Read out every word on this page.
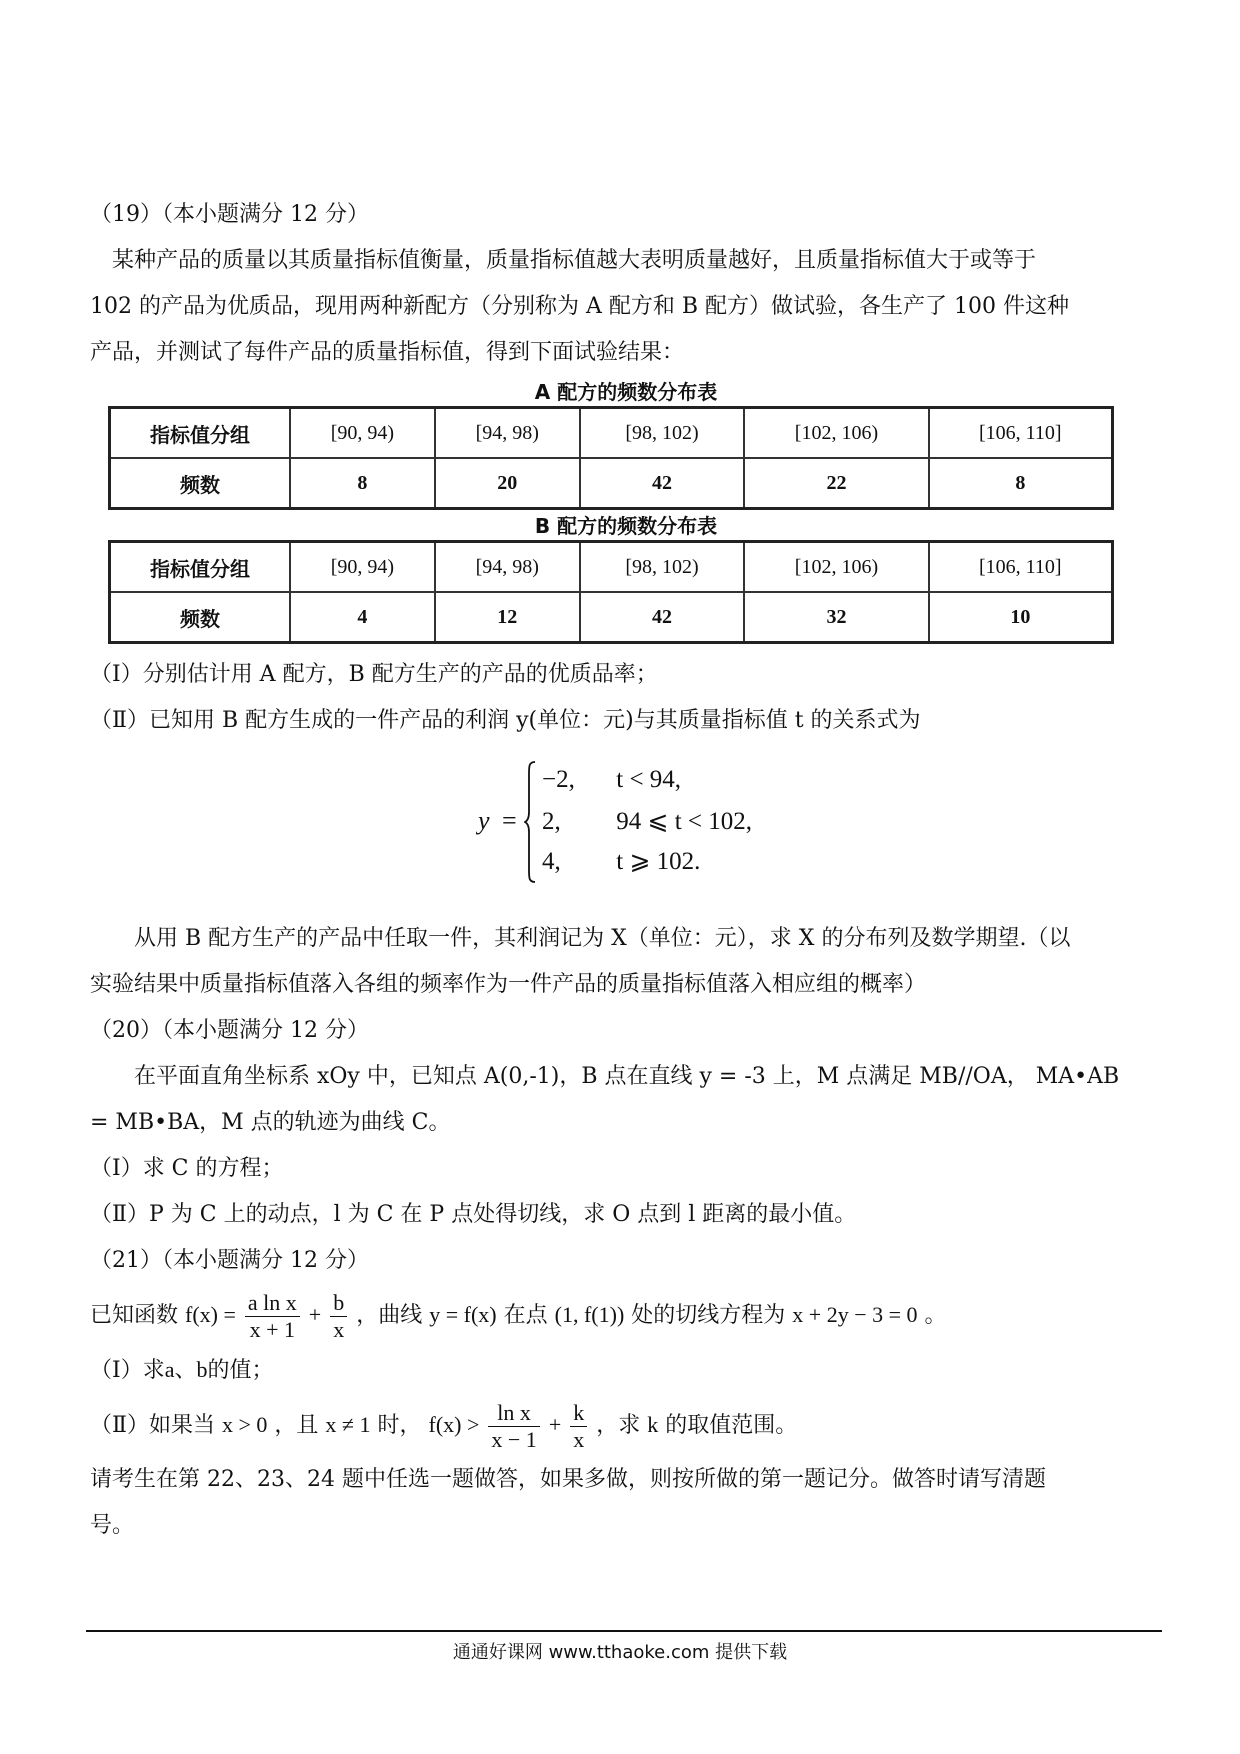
（19）（本小题满分 12 分）

某种产品的质量以其质量指标值衡量，质量指标值越大表明质量越好，且质量指标值大于或等于

102 的产品为优质品，现用两种新配方（分别称为 A 配方和 B 配方）做试验，各生产了 100 件这种

产品，并测试了每件产品的质量指标值，得到下面试验结果：

A 配方的频数分布表
指标值分组	[90, 94)	[94, 98)	[98, 102)	[102, 106)	[106, 110]
频数	8	20	42	22	8
B 配方的频数分布表
指标值分组	[90, 94)	[94, 98)	[98, 102)	[102, 106)	[106, 110]
频数	4	12	42	32	10

（Ⅰ）分别估计用 A 配方，B 配方生产的产品的优质品率；

（Ⅱ）已知用 B 配方生成的一件产品的利润 y(单位：元)与其质量指标值 t 的关系式为

y =
−2, t < 94,
2, 94 ⩽ t < 102,
4, t ⩾ 102.

从用 B 配方生产的产品中任取一件，其利润记为 X（单位：元），求 X 的分布列及数学期望.（以

实验结果中质量指标值落入各组的频率作为一件产品的质量指标值落入相应组的概率）

（20）（本小题满分 12 分）

在平面直角坐标系 xOy 中，已知点 A(0,-1)，B 点在直线 y = -3 上，M 点满足 MB//OA， MA•AB

= MB•BA，M 点的轨迹为曲线 C。

（Ⅰ）求 C 的方程；

（Ⅱ）P 为 C 上的动点，l 为 C 在 P 点处得切线，求 O 点到 l 距离的最小值。

（21）（本小题满分 12 分）

已知函数 $f(x) = \frac{\text{a ln x}}{x + 1} + \frac{b}{x}$ ，曲线 y = f(x) 在点 (1, f(1)) 处的切线方程为 x + 2y − 3 = 0 。

（Ⅰ）求a、b的值；

（Ⅱ）如果当 x > 0 ，且 x ≠ 1 时， $f(x) > \frac{\text{ln x}}{x - 1} + \frac{k}{x}$ ，求 k 的取值范围。

请考生在第 22、23、24 题中任选一题做答，如果多做，则按所做的第一题记分。做答时请写清题

号。

通通好课网 www.tthaoke.com 提供下载
